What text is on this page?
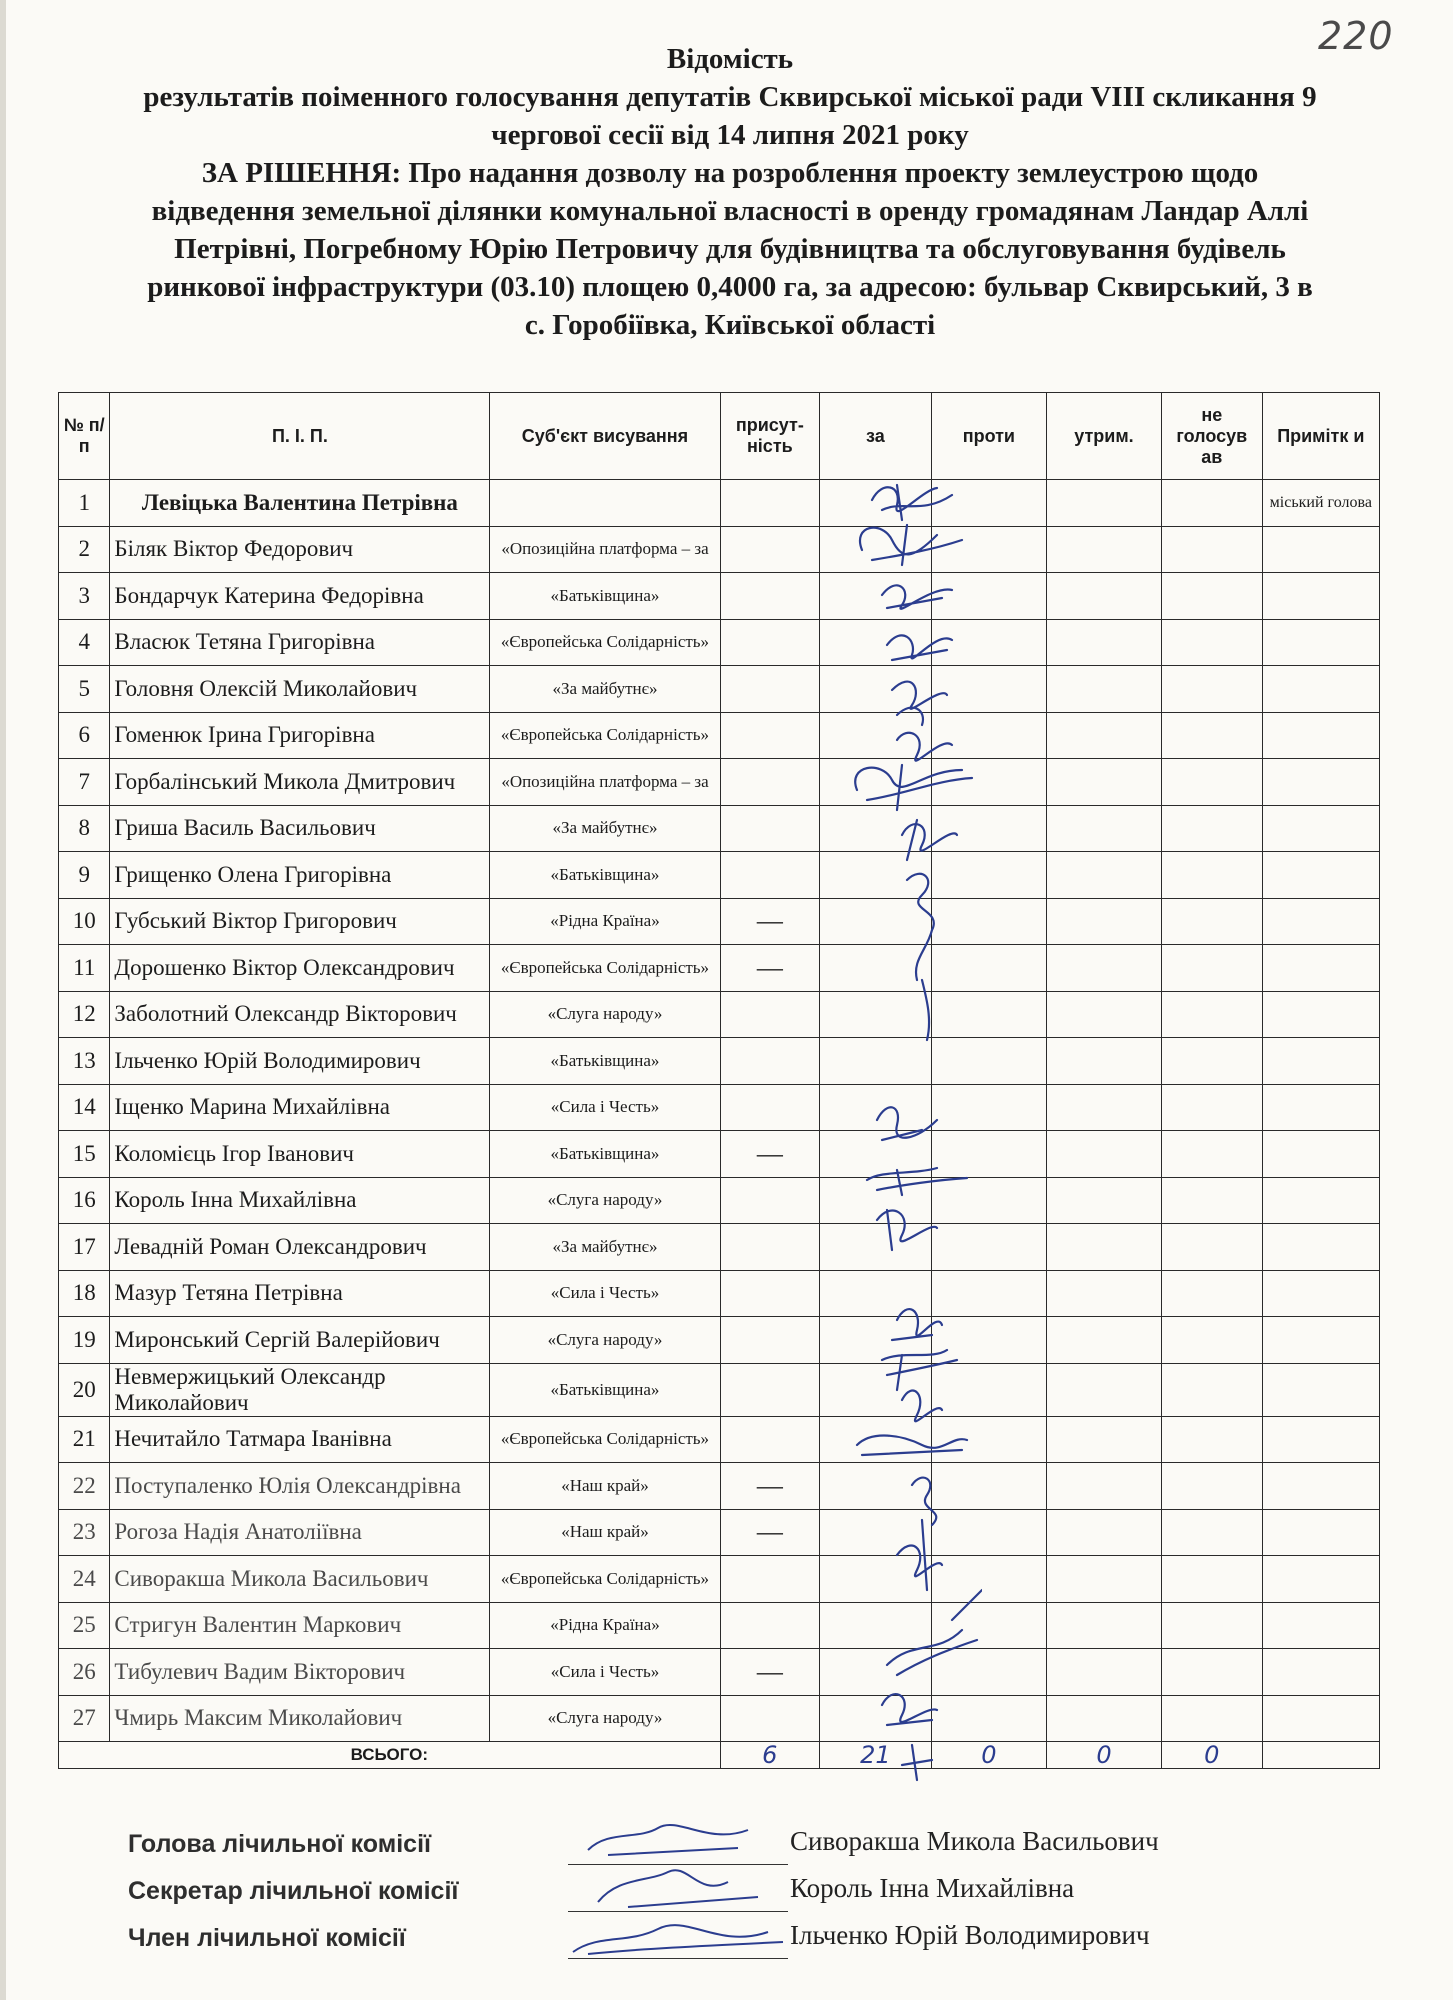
220
Відомість
результатів поіменного голосування депутатів Сквирської міської ради VIII скликання 9
чергової сесії від 14 липня 2021 року
ЗА РІШЕННЯ: Про надання дозволу на розроблення проекту землеустрою щодо
відведення земельної ділянки комунальної власності в оренду громадянам Ландар Аллі
Петрівні, Погребному Юрію Петровичу для будівництва та обслуговування будівель
ринкової інфраструктури (03.10) площею 0,4000 га, за адресою: бульвар Сквирський, 3 в
с. Горобіївка, Київської області
№ п/п	П. І. П.	Суб'єкт висування	присут-ність	за	проти	утрим.	не голосув ав	Примітк и
1	Левіцька Валентина Петрівна							міський голова
2	Біляк Віктор Федорович	«Опозиційна платформа – за						
3	Бондарчук Катерина Федорівна	«Батьківщина»						
4	Власюк Тетяна Григорівна	«Європейська Солідарність»						
5	Головня Олексій Миколайович	«За майбутнє»						
6	Гоменюк Ірина Григорівна	«Європейська Солідарність»						
7	Горбалінський Микола Дмитрович	«Опозиційна платформа – за						
8	Гриша Василь Васильович	«За майбутнє»						
9	Грищенко Олена Григорівна	«Батьківщина»						
10	Губський Віктор Григорович	«Рідна Країна»	—					
11	Дорошенко Віктор Олександрович	«Європейська Солідарність»	—					
12	Заболотний Олександр Вікторович	«Слуга народу»						
13	Ільченко Юрій Володимирович	«Батьківщина»						
14	Іщенко Марина Михайлівна	«Сила і Честь»						
15	Коломієць Ігор Іванович	«Батьківщина»	—					
16	Король Інна Михайлівна	«Слуга народу»						
17	Левадній Роман Олександрович	«За майбутнє»						
18	Мазур Тетяна Петрівна	«Сила і Честь»						
19	Миронський Сергій Валерійович	«Слуга народу»						
20	Невмержицький Олександр Миколайович	«Батьківщина»						
21	Нечитайло Татмара Іванівна	«Європейська Солідарність»						
22	Поступаленко Юлія Олександрівна	«Наш край»	—					
23	Рогоза Надія Анатоліївна	«Наш край»	—					
24	Сиворакша Микола Васильович	«Європейська Солідарність»						
25	Стригун Валентин Маркович	«Рідна Країна»						
26	Тибулевич Вадим Вікторович	«Сила і Честь»	—					
27	Чмирь Максим Миколайович	«Слуга народу»						
ВСЬОГО:			6	21	0	0	0	
Голова лічильної комісії	Сиворакша Микола Васильович
Секретар лічильної комісії	Король Інна Михайлівна
Член лічильної комісії	Ільченко Юрій Володимирович
